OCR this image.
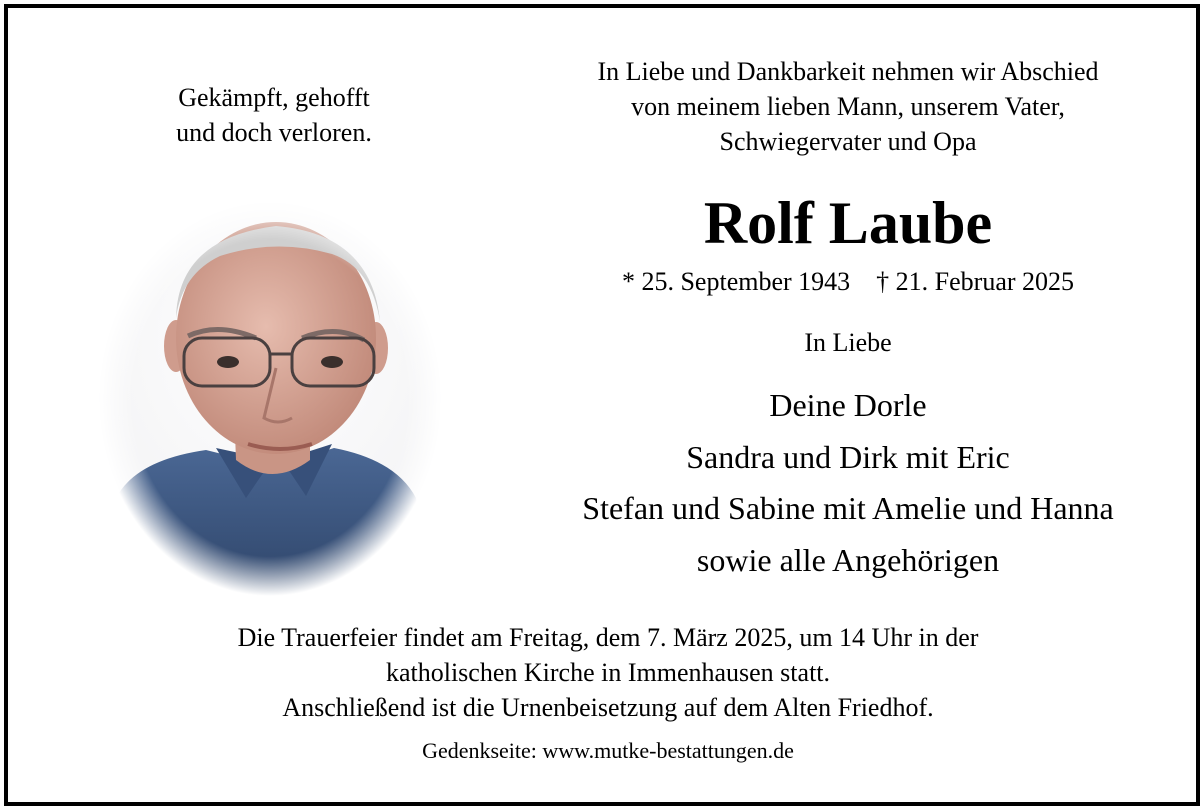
Gekämpft, gehofft
und doch verloren.
In Liebe und Dankbarkeit nehmen wir Abschied
von meinem lieben Mann, unserem Vater,
Schwiegervater und Opa
Rolf Laube
* 25. September 1943 † 21. Februar 2025
In Liebe
Deine Dorle
Sandra und Dirk mit Eric
Stefan und Sabine mit Amelie und Hanna
sowie alle Angehörigen
Die Trauerfeier findet am Freitag, dem 7. März 2025, um 14 Uhr in der
katholischen Kirche in Immenhausen statt.
Anschließend ist die Urnenbeisetzung auf dem Alten Friedhof.
Gedenkseite: www.mutke-bestattungen.de
